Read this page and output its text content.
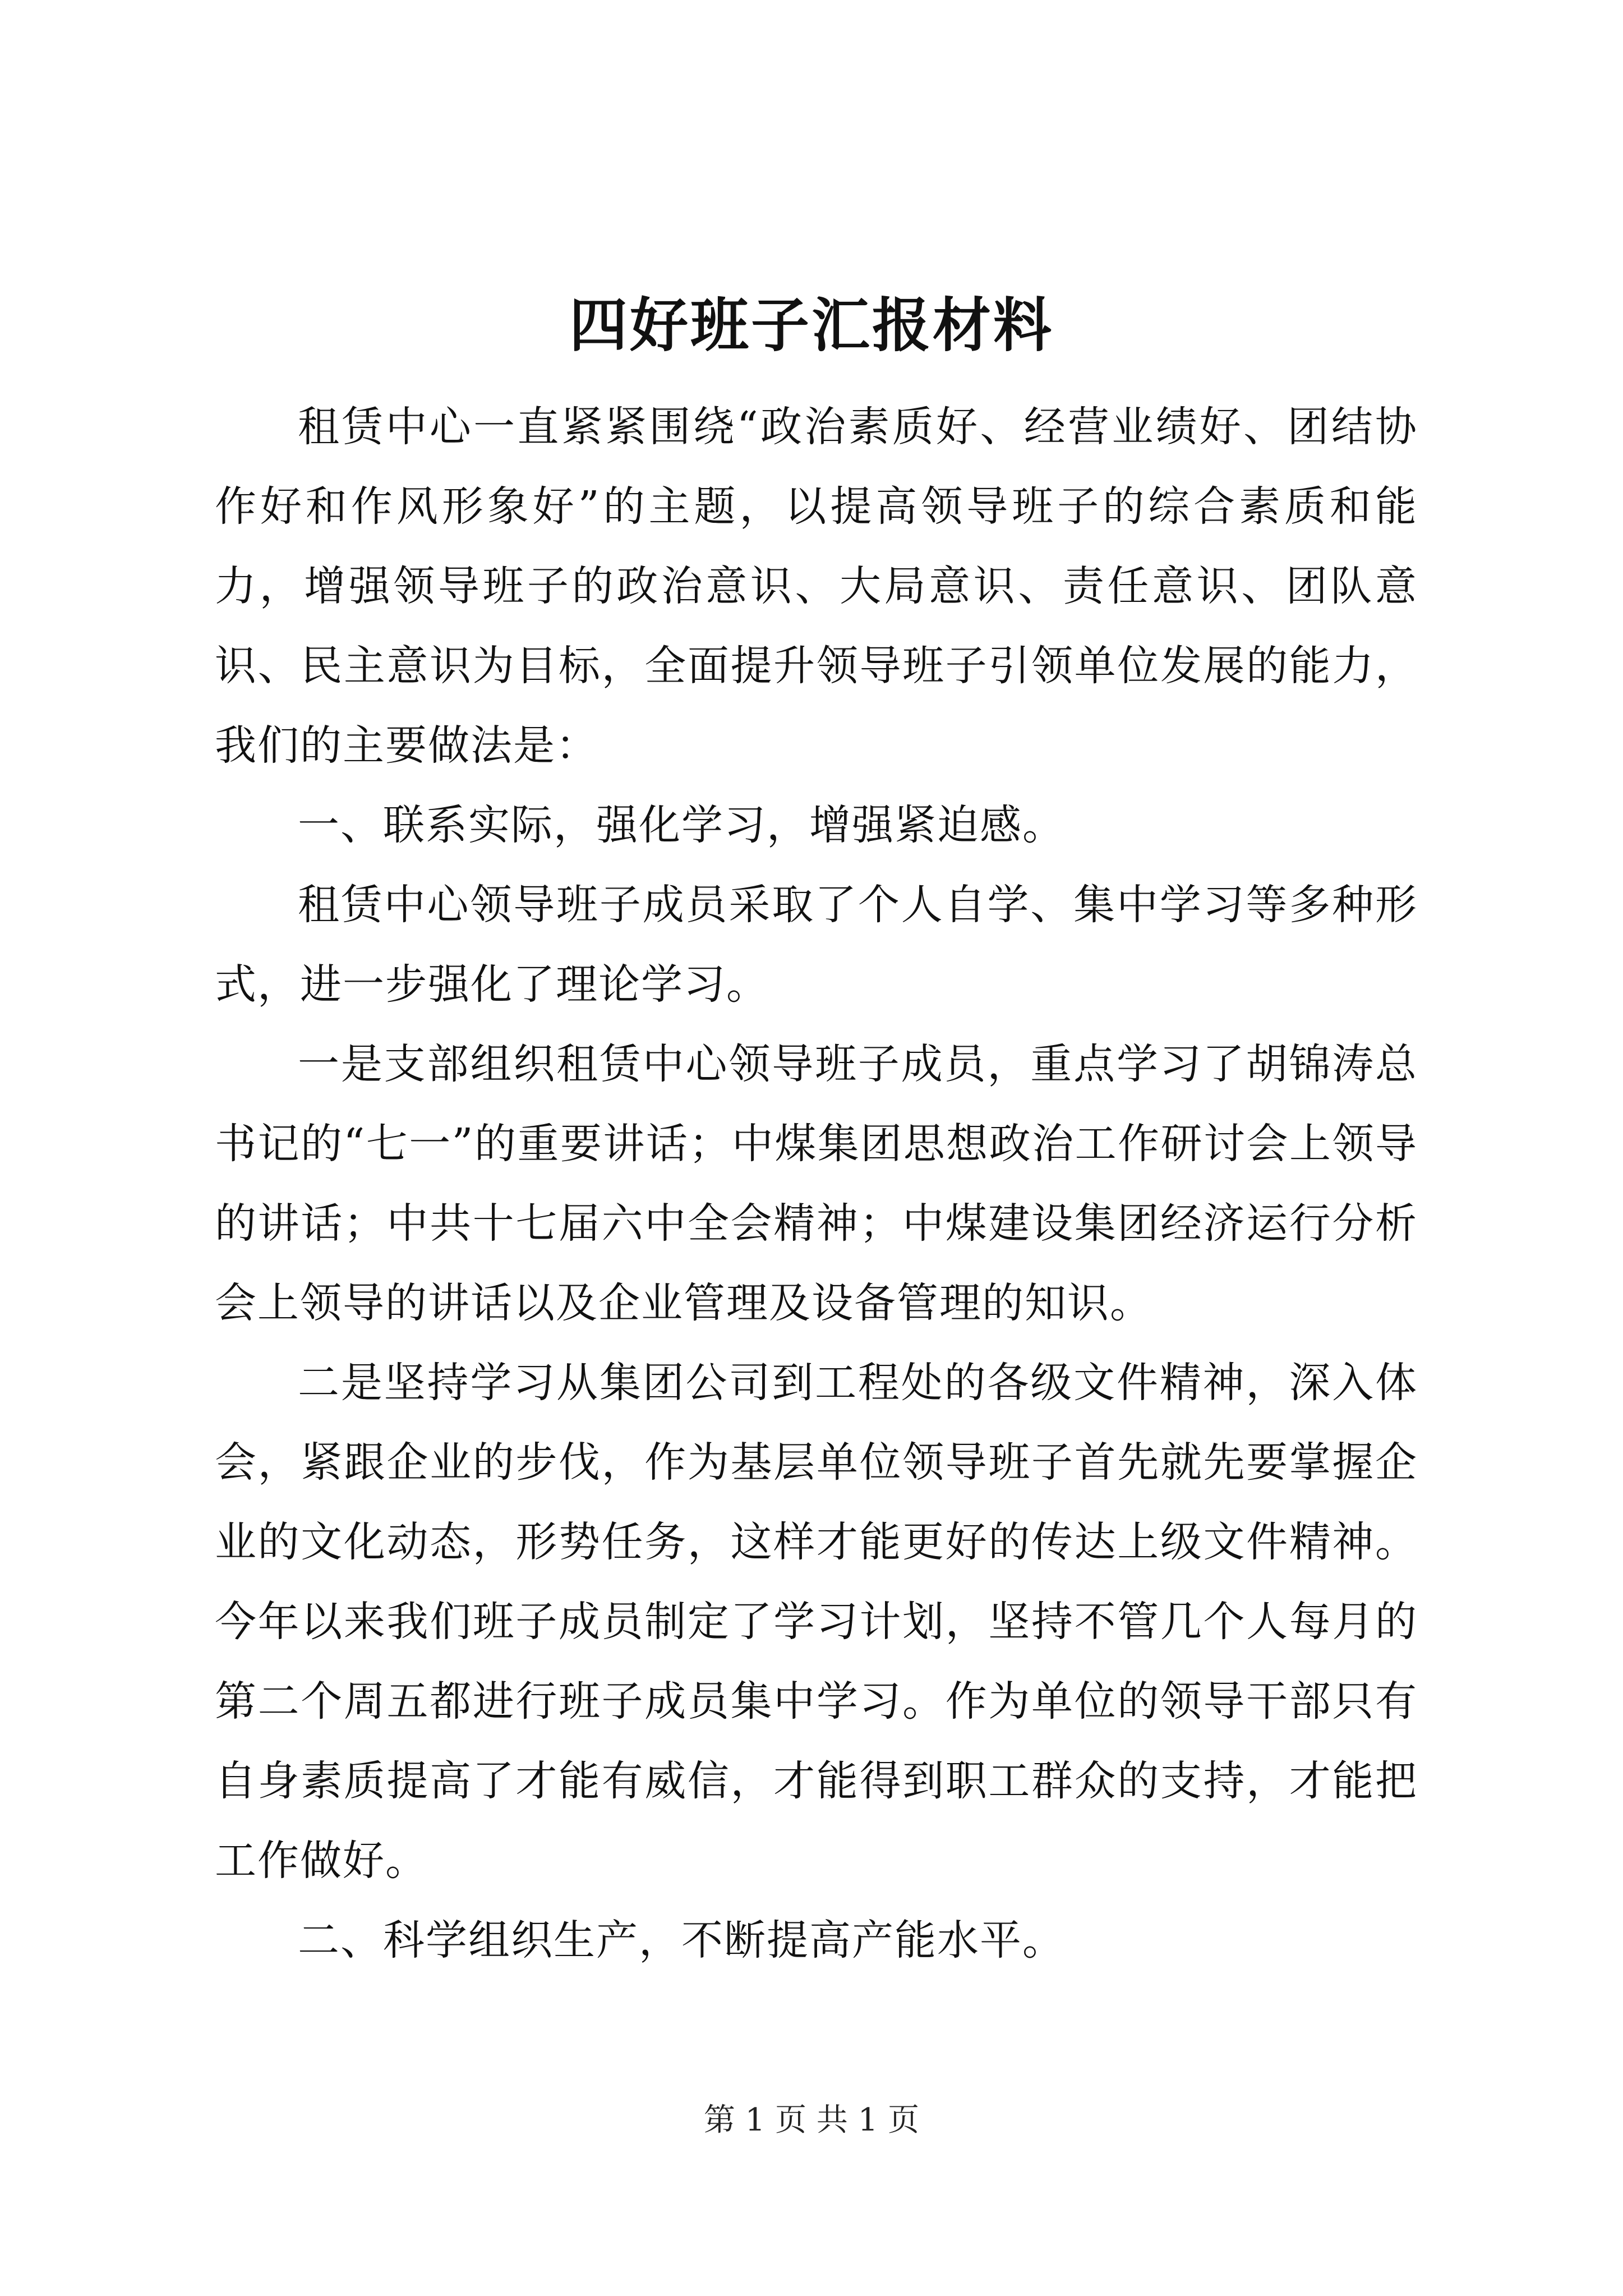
四好班子汇报材料

租赁中心一直紧紧围绕“政治素质好、经营业绩好、团结协作好和作风形象好”的主题，以提高领导班子的综合素质和能力，增强领导班子的政治意识、大局意识、责任意识、团队意识、民主意识为目标，全面提升领导班子引领单位发展的能力，我们的主要做法是：

一、联系实际，强化学习，增强紧迫感。

租赁中心领导班子成员采取了个人自学、集中学习等多种形式，进一步强化了理论学习。

一是支部组织租赁中心领导班子成员，重点学习了胡锦涛总书记的“七一”的重要讲话；中煤集团思想政治工作研讨会上领导的讲话；中共十七届六中全会精神；中煤建设集团经济运行分析会上领导的讲话以及企业管理及设备管理的知识。

二是坚持学习从集团公司到工程处的各级文件精神，深入体会，紧跟企业的步伐，作为基层单位领导班子首先就先要掌握企业的文化动态，形势任务，这样才能更好的传达上级文件精神。今年以来我们班子成员制定了学习计划，坚持不管几个人每月的第二个周五都进行班子成员集中学习。作为单位的领导干部只有自身素质提高了才能有威信，才能得到职工群众的支持，才能把工作做好。

二、科学组织生产，不断提高产能水平。

第 1 页 共 1 页
